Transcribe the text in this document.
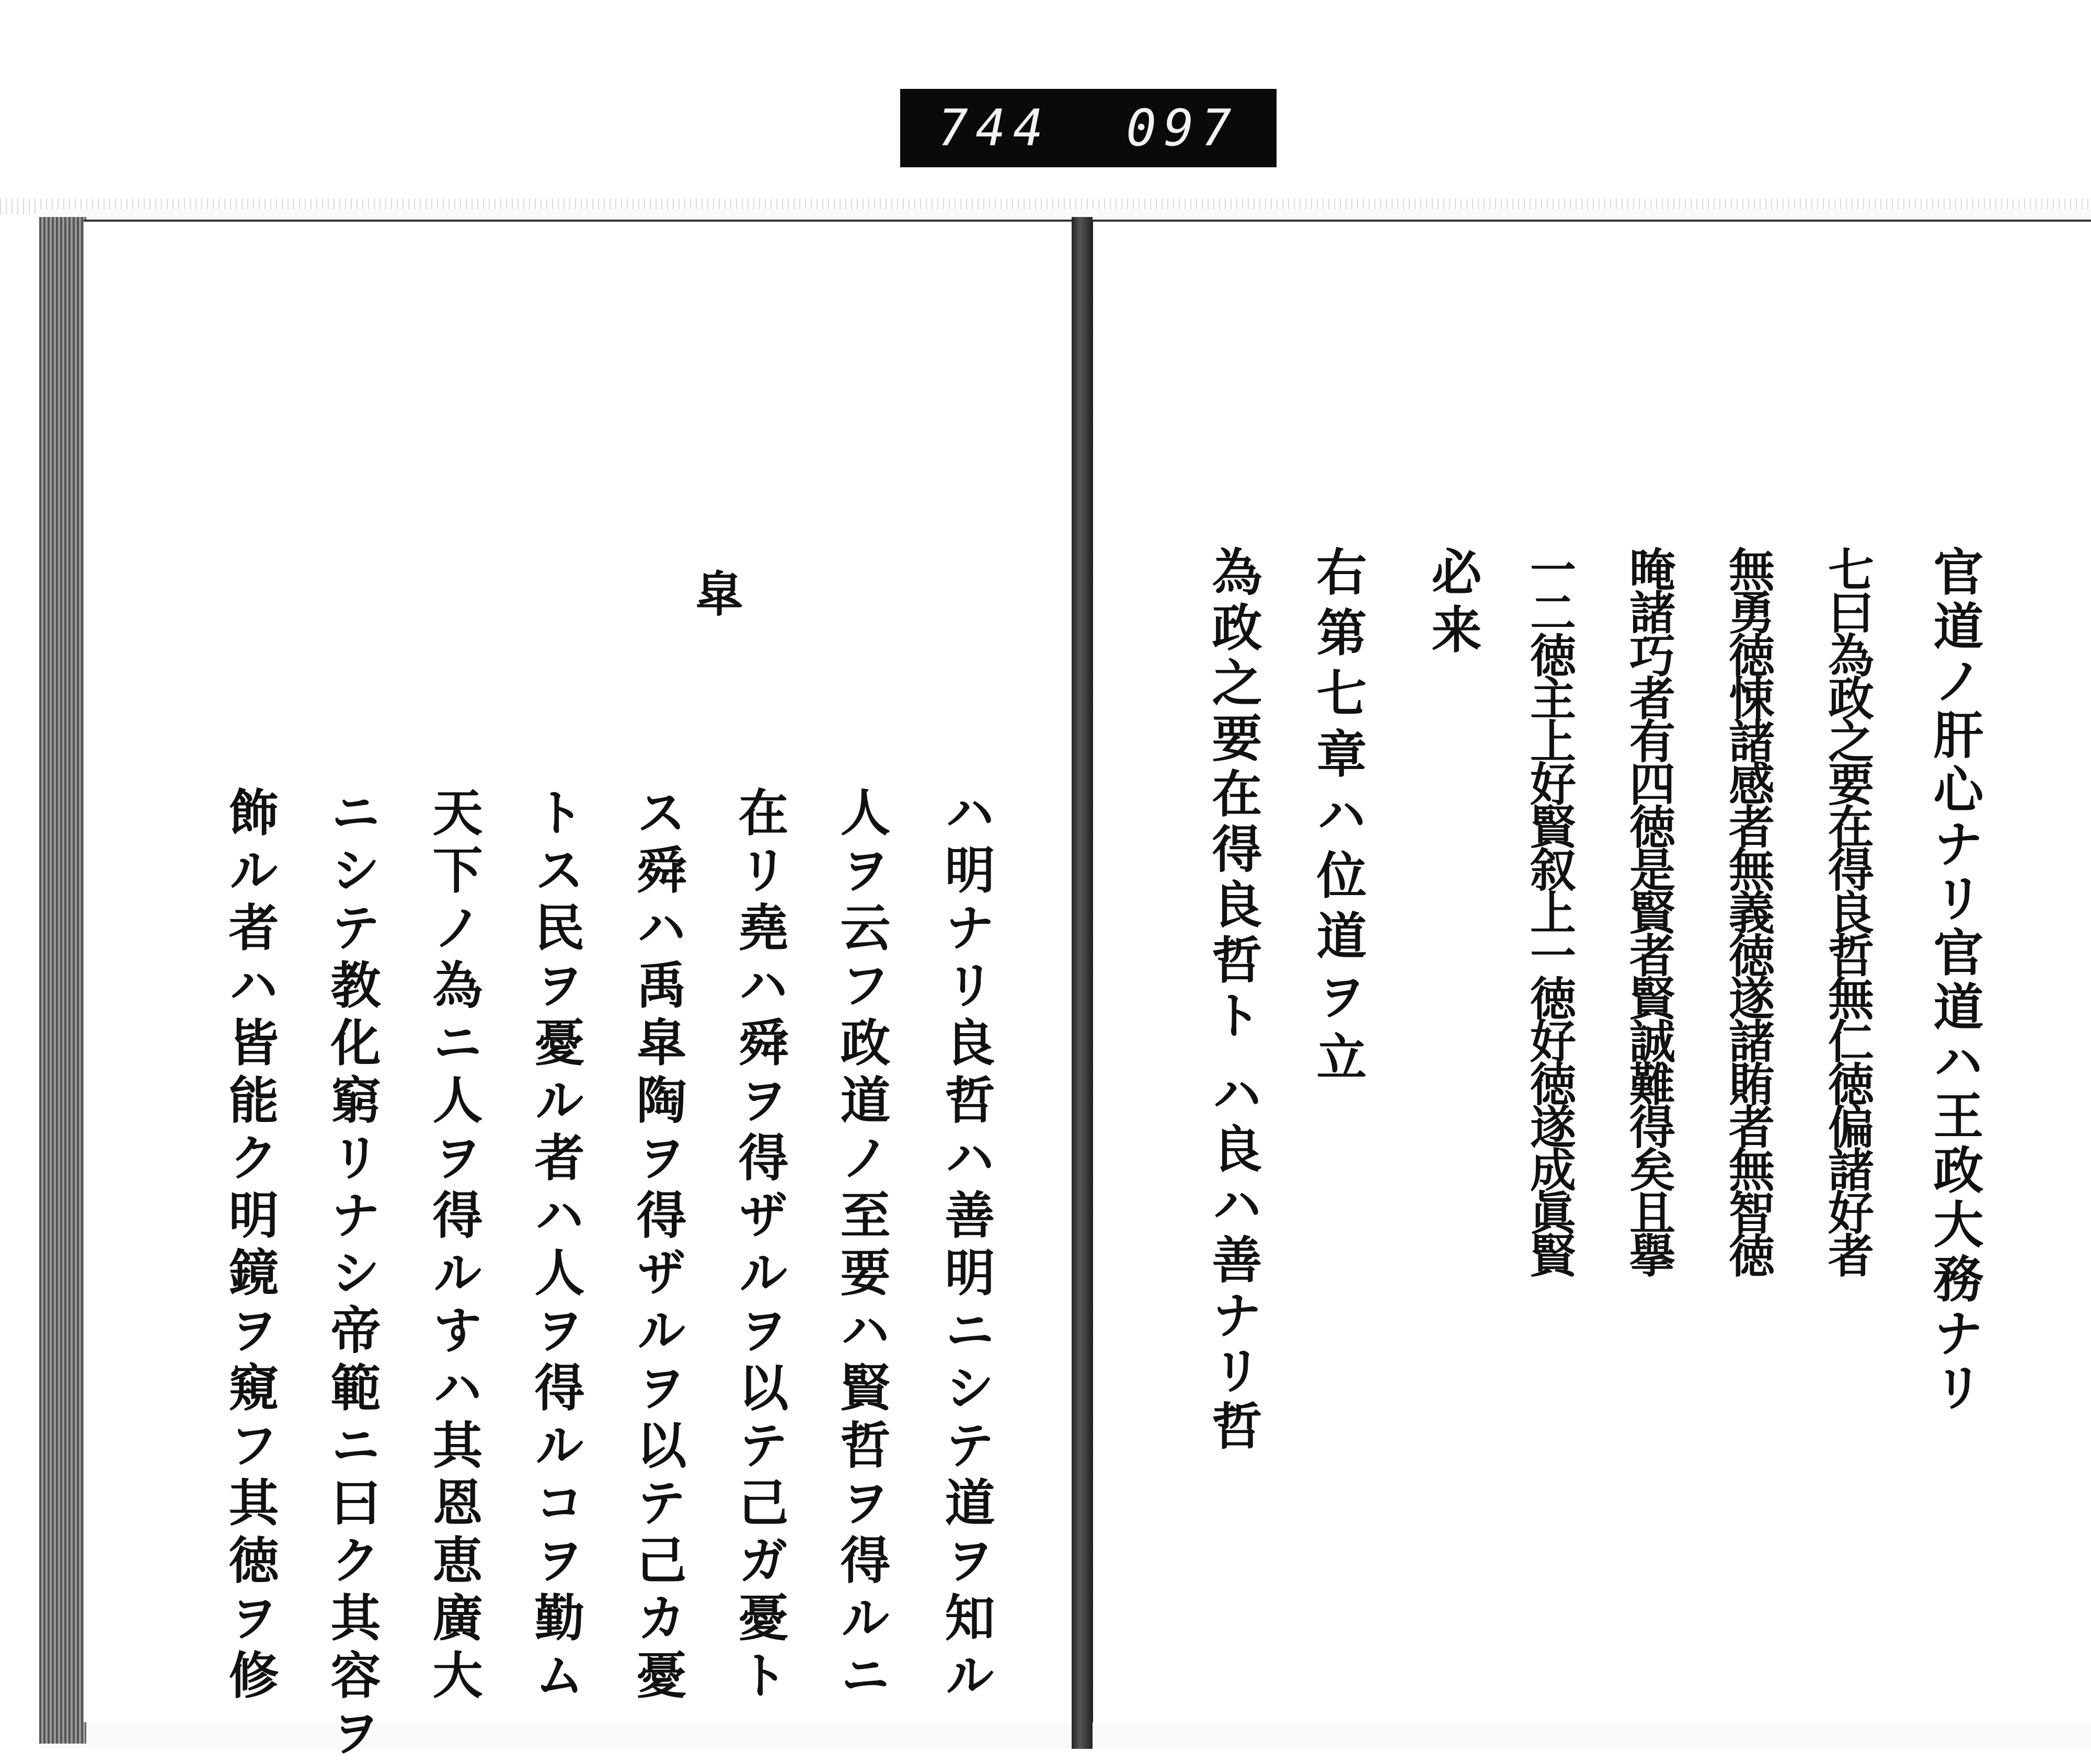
744 097
皐
ハ明ナリ良哲ハ善明ニシテ道ヲ知ル
人ヲ云フ政道ノ至要ハ賢哲ヲ得ルニ
在リ堯ハ舜ヲ得ザルヲ以テ己ガ憂ト
ス舜ハ禹皐陶ヲ得ザルヲ以テ己カ憂
トス民ヲ憂ル者ハ人ヲ得ルコヲ勤ム
天下ノ為ニ人ヲ得ルすハ其恩恵廣大
ニシテ教化窮リナシ帝範ニ曰ク其容ヲ
飾ル者ハ皆能ク明鏡ヲ窺フ其徳ヲ修	官道ノ肝心ナリ官道ハ王政大務ナリ
七曰為政之要在得良哲無仁徳偏諸好者
無勇徳悚諸感者無義徳遂諸賄者無智徳
晻諸巧者有四徳是賢者賢誠難得矣且擧
一二徳主上好賢叙上一徳好徳遂成眞賢
必来
右第七章ハ位道ヲ立
為政之要在得良哲ト ハ良ハ善ナリ哲
